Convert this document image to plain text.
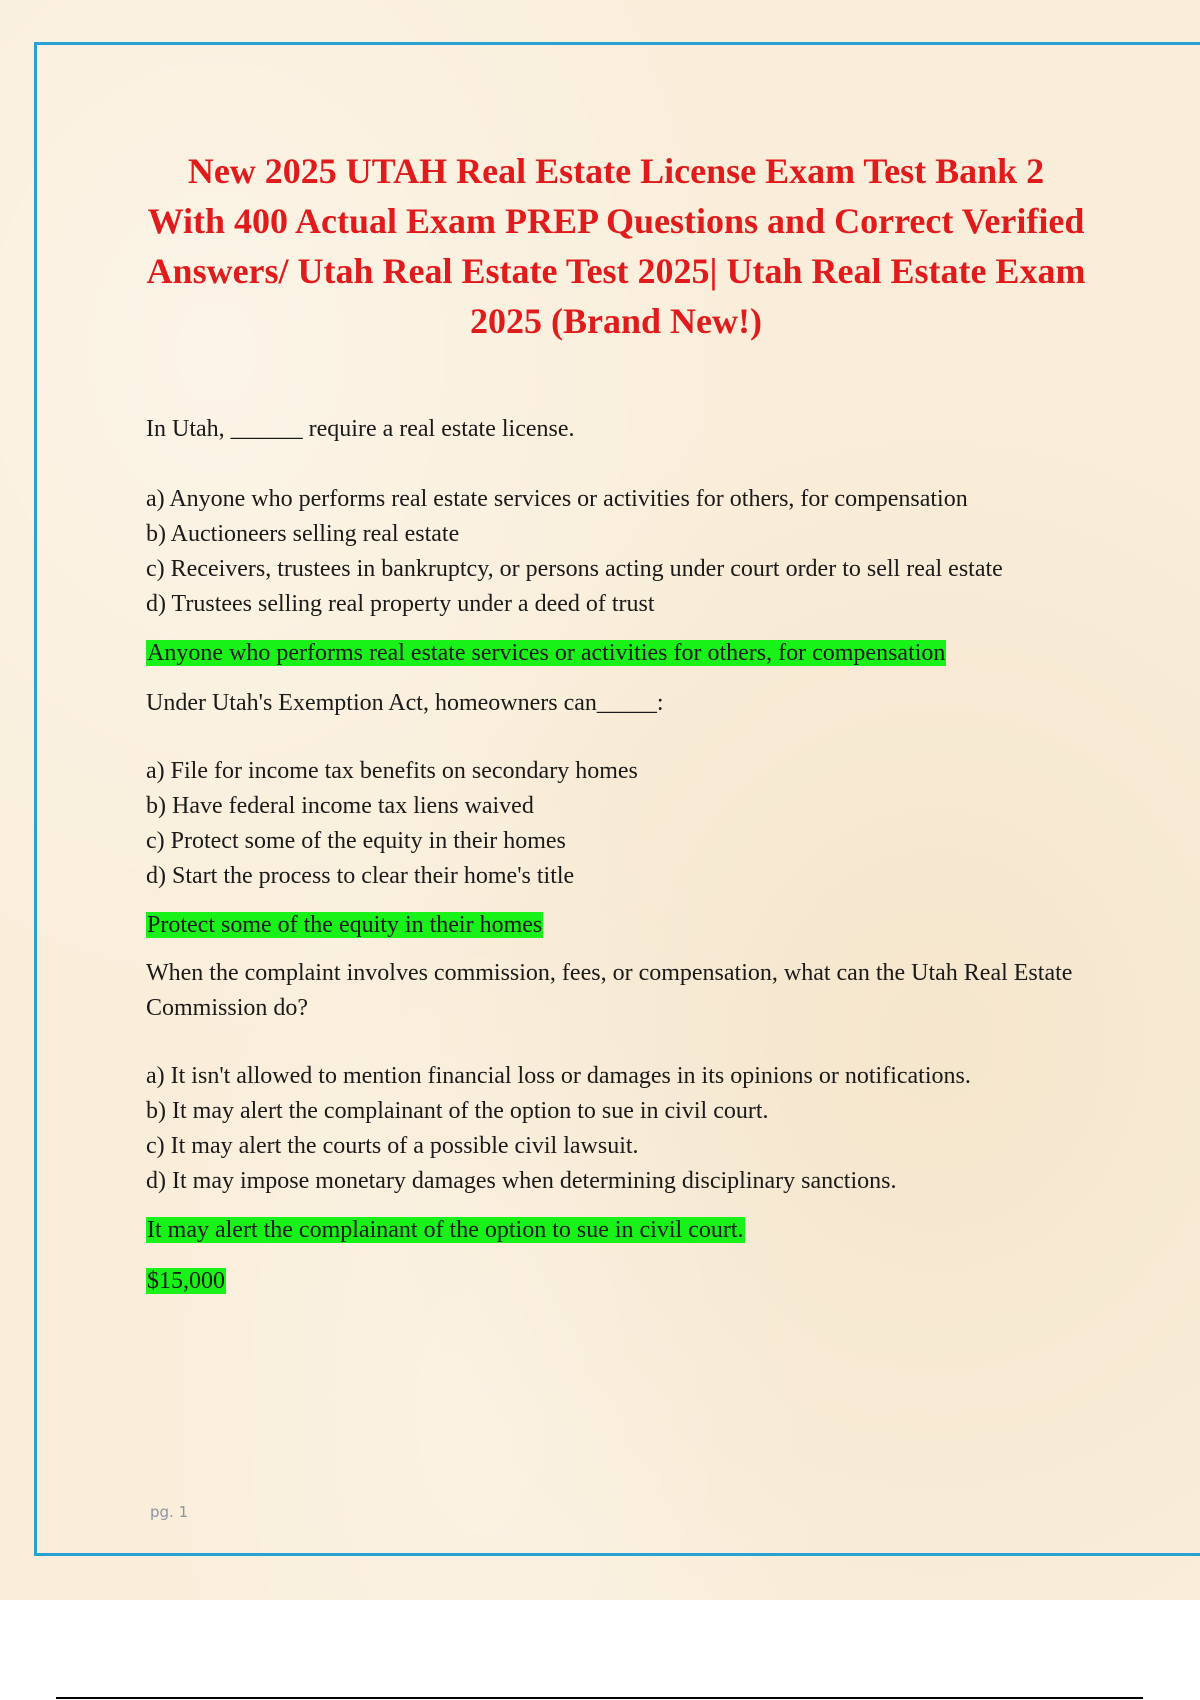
New 2025 UTAH Real Estate License Exam Test Bank 2 With 400 Actual Exam PREP Questions and Correct Verified Answers/ Utah Real Estate Test 2025| Utah Real Estate Exam 2025 (Brand New!)

In Utah, ______ require a real estate license.

a) Anyone who performs real estate services or activities for others, for compensation
b) Auctioneers selling real estate
c) Receivers, trustees in bankruptcy, or persons acting under court order to sell real estate
d) Trustees selling real property under a deed of trust

Anyone who performs real estate services or activities for others, for compensation

Under Utah's Exemption Act, homeowners can_____:

a) File for income tax benefits on secondary homes
b) Have federal income tax liens waived
c) Protect some of the equity in their homes
d) Start the process to clear their home's title

Protect some of the equity in their homes

When the complaint involves commission, fees, or compensation, what can the Utah Real Estate Commission do?

a) It isn't allowed to mention financial loss or damages in its opinions or notifications.
b) It may alert the complainant of the option to sue in civil court.
c) It may alert the courts of a possible civil lawsuit.
d) It may impose monetary damages when determining disciplinary sanctions.

It may alert the complainant of the option to sue in civil court.

$15,000

pg. 1
